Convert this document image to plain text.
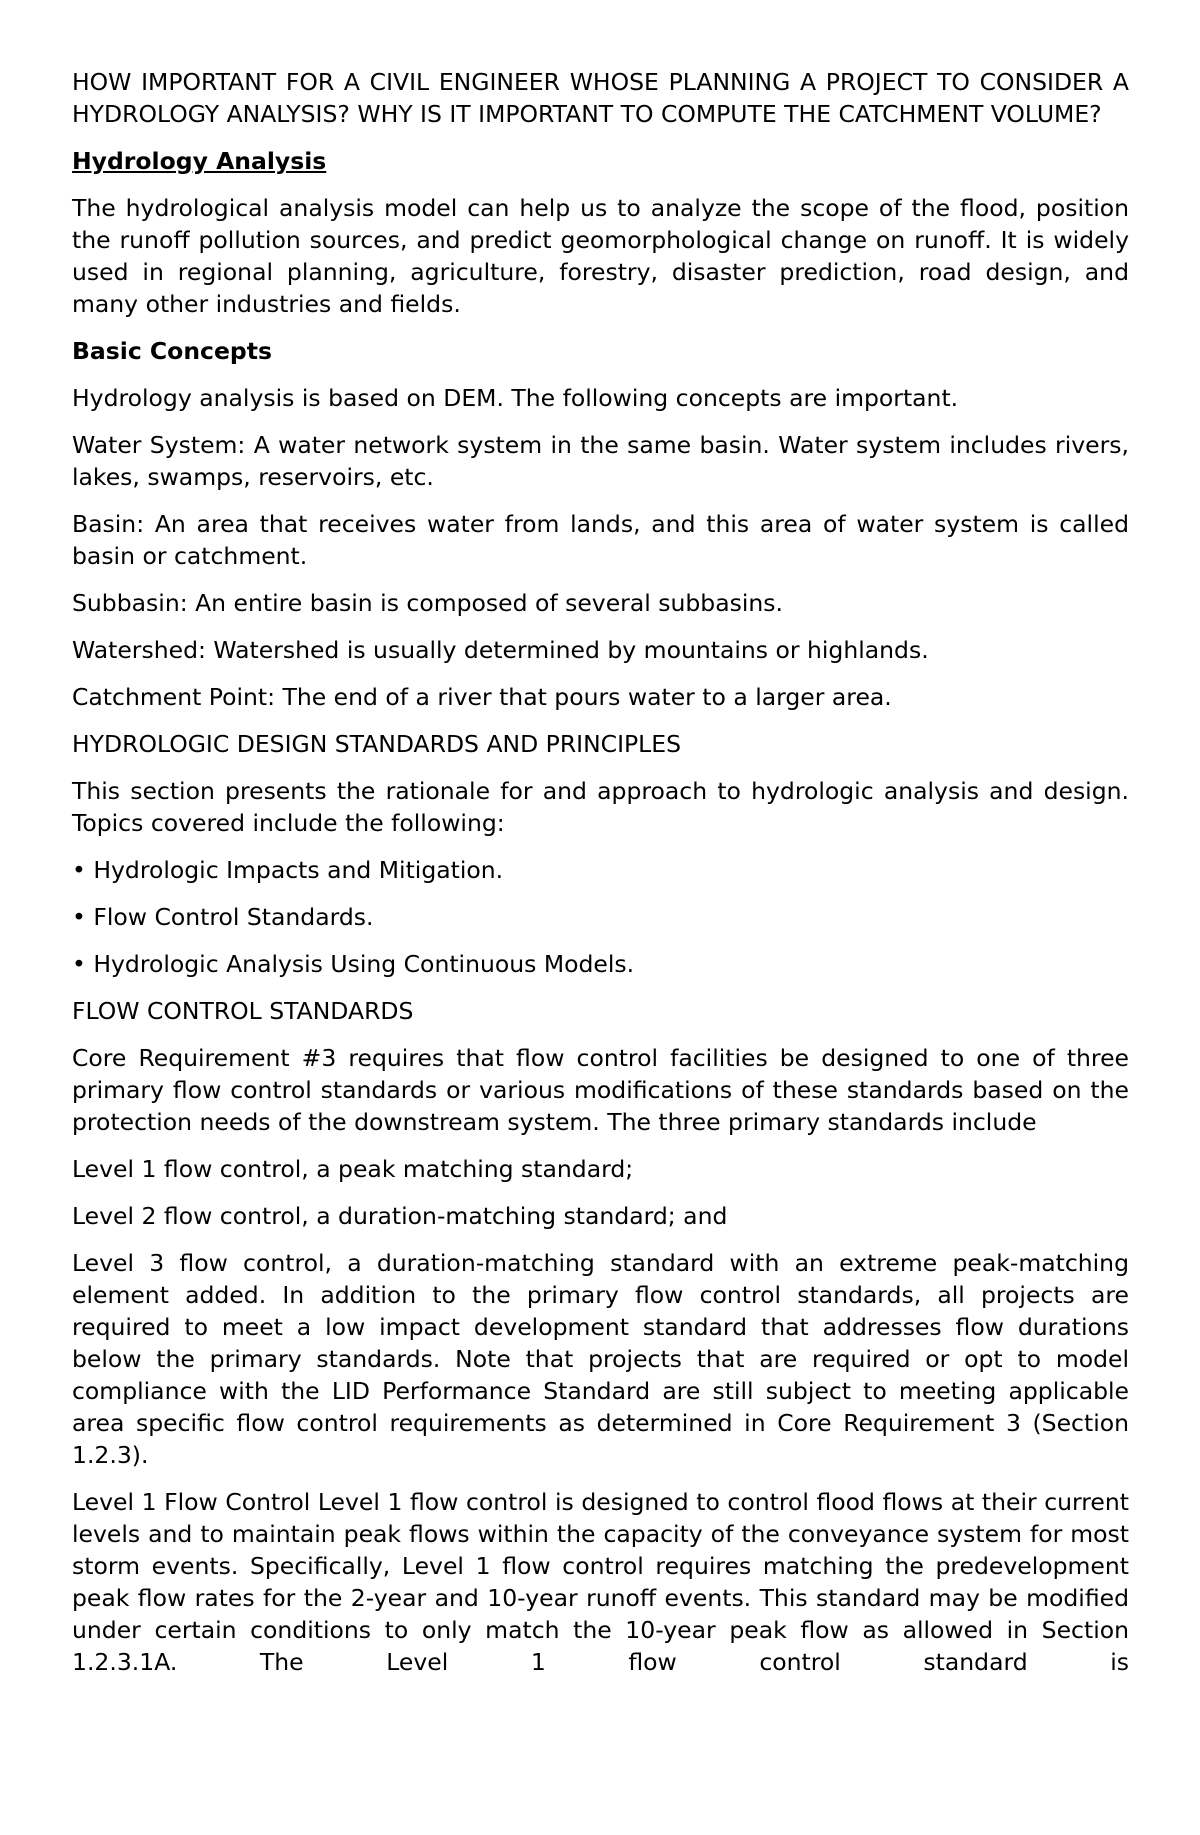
HOW IMPORTANT FOR A CIVIL ENGINEER WHOSE PLANNING A PROJECT TO CONSIDER A HYDROLOGY ANALYSIS? WHY IS IT IMPORTANT TO COMPUTE THE CATCHMENT VOLUME?

Hydrology Analysis

The hydrological analysis model can help us to analyze the scope of the flood, position the runoff pollution sources, and predict geomorphological change on runoff. It is widely used in regional planning, agriculture, forestry, disaster prediction, road design, and many other industries and fields.

Basic Concepts

Hydrology analysis is based on DEM. The following concepts are important.

Water System: A water network system in the same basin. Water system includes rivers, lakes, swamps, reservoirs, etc.

Basin: An area that receives water from lands, and this area of water system is called basin or catchment.

Subbasin: An entire basin is composed of several subbasins.

Watershed: Watershed is usually determined by mountains or highlands.

Catchment Point: The end of a river that pours water to a larger area.

HYDROLOGIC DESIGN STANDARDS AND PRINCIPLES

This section presents the rationale for and approach to hydrologic analysis and design. Topics covered include the following:

• Hydrologic Impacts and Mitigation.

• Flow Control Standards.

• Hydrologic Analysis Using Continuous Models.

FLOW CONTROL STANDARDS

Core Requirement #3 requires that flow control facilities be designed to one of three primary flow control standards or various modifications of these standards based on the protection needs of the downstream system. The three primary standards include

Level 1 flow control, a peak matching standard;

Level 2 flow control, a duration-matching standard; and

Level 3 flow control, a duration-matching standard with an extreme peak-matching element added. In addition to the primary flow control standards, all projects are required to meet a low impact development standard that addresses flow durations below the primary standards. Note that projects that are required or opt to model compliance with the LID Performance Standard are still subject to meeting applicable area specific flow control requirements as determined in Core Requirement 3 (Section 1.2.3).

Level 1 Flow Control Level 1 flow control is designed to control flood flows at their current levels and to maintain peak flows within the capacity of the conveyance system for most storm events. Specifically, Level 1 flow control requires matching the predevelopment peak flow rates for the 2-year and 10-year runoff events. This standard may be modified under certain conditions to only match the 10-year peak flow as allowed in Section 1.2.3.1A. The Level 1 flow control standard is
